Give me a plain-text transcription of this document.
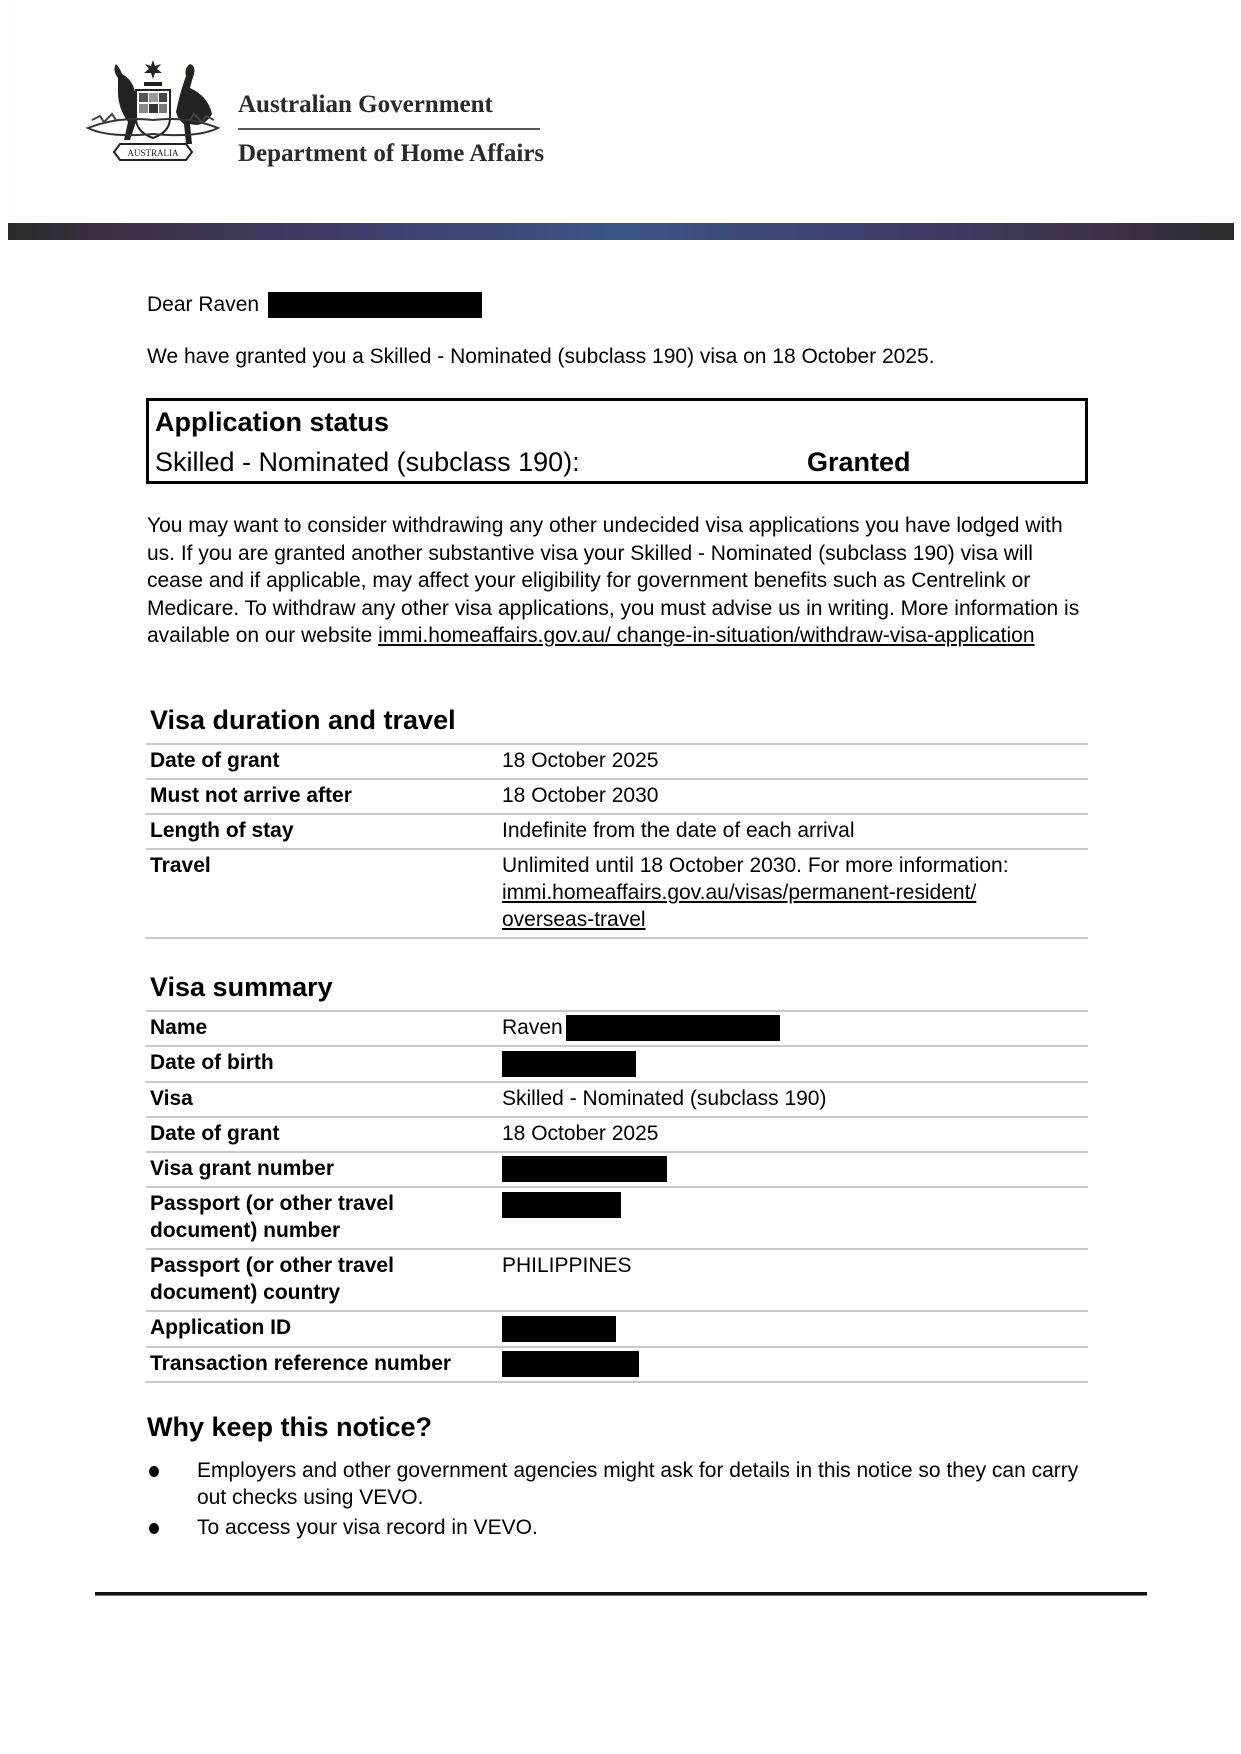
AUSTRALIA
Australian Government
Department of Home Affairs
Dear Raven
We have granted you a Skilled - Nominated (subclass 190) visa on 18 October 2025.
Application status
Skilled - Nominated (subclass 190):	Granted
You may want to consider withdrawing any other undecided visa applications you have lodged with us. If you are granted another substantive visa your Skilled - Nominated (subclass 190) visa will cease and if applicable, may affect your eligibility for government benefits such as Centrelink or Medicare. To withdraw any other visa applications, you must advise us in writing. More information is available on our website immi.homeaffairs.gov.au/ change-in-situation/withdraw-visa-application
Visa duration and travel
Date of grant	18 October 2025
Must not arrive after	18 October 2030
Length of stay	Indefinite from the date of each arrival
Travel	Unlimited until 18 October 2030. For more information:
immi.homeaffairs.gov.au/visas/permanent-resident/ overseas-travel
Visa summary
Name	Raven
Date of birth	
Visa	Skilled - Nominated (subclass 190)
Date of grant	18 October 2025
Visa grant number	
Passport (or other travel document) number	
Passport (or other travel document) country	PHILIPPINES
Application ID	
Transaction reference number	
Why keep this notice?
Employers and other government agencies might ask for details in this notice so they can carry out checks using VEVO.
To access your visa record in VEVO.
